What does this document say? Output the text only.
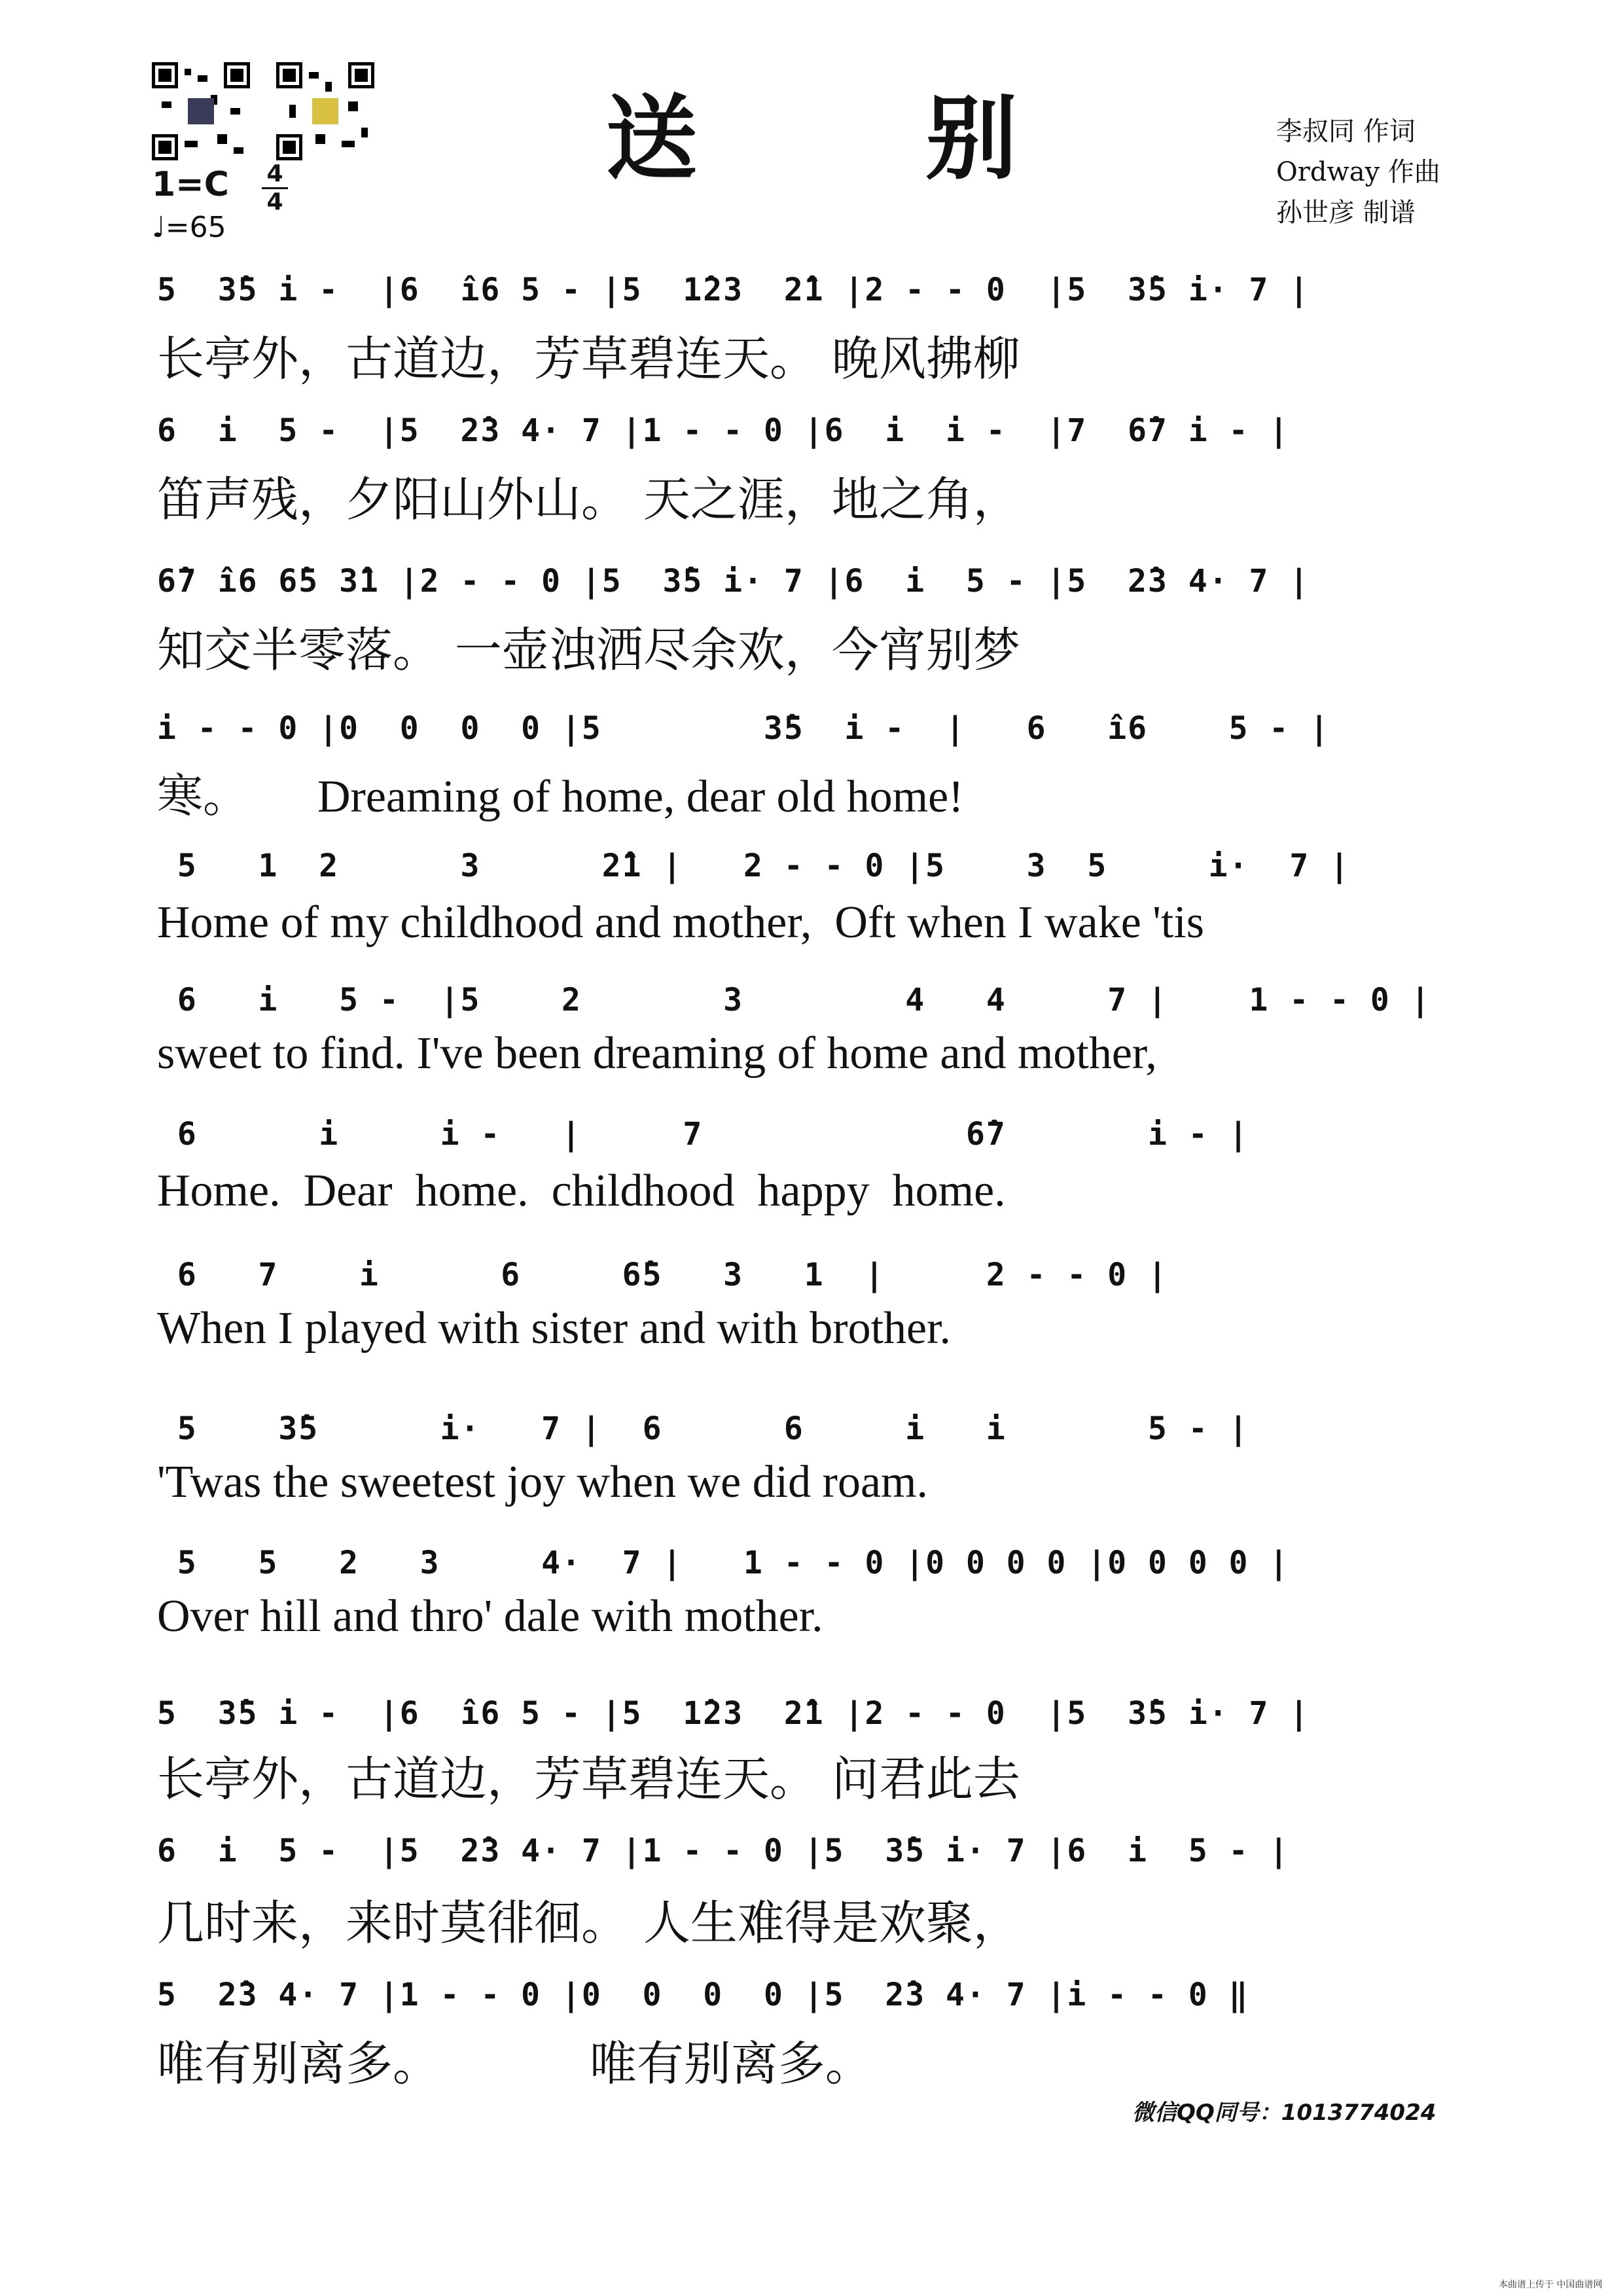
送 别	李叔同 作词
Ordway 作曲
孙世彦 制谱
1=C 4
4
♩=65
5  3̂5 i -  |6  î6 5 - |5  1̂23  2̂1 |2 - - 0  |5  3̂5 i· 7 |
长亭外，古道边，芳草碧连天。 晚风拂柳
6  i  5 -  |5  2̂3 4· 7 |1 - - 0 |6  i  i -  |7  6̂7 i - |
笛声残，夕阳山外山。 天之涯，地之角，
6̂7 î6 6̂5 3̂1 |2 - - 0 |5  3̂5 i· 7 |6  i  5 - |5  2̂3 4· 7 |
知交半零落。 一壶浊洒尽余欢，今宵别梦
i - - 0 |0  0  0  0 |5        3̂5  i -  |   6   î6    5 - |
寒。      Dreaming of home, dear old home!
5   1  2      3      2̂1 |   2 - - 0 |5    3  5     i·  7 |
Home of my childhood and mother,  Oft when I wake 'tis
6   i   5 -  |5    2       3        4   4     7 |    1 - - 0 |
sweet to find. I've been dreaming of home and mother,
6      i     i -   |     7             6̂7       i - |
Home.  Dear  home.  childhood  happy  home.
6   7    i      6     6̂5   3   1  |     2 - - 0 |
When I played with sister and with brother.
5    3̂5      i·   7 |  6      6     i   i       5 - |
'Twas the sweetest joy when we did roam.
5   5   2   3     4·  7 |   1 - - 0 |0 0 0 0 |0 0 0 0 |
Over hill and thro' dale with mother.
5  3̂5 i -  |6  î6 5 - |5  1̂23  2̂1 |2 - - 0  |5  3̂5 i· 7 |
长亭外，古道边，芳草碧连天。 问君此去
6  i  5 -  |5  2̂3 4· 7 |1 - - 0 |5  3̂5 i· 7 |6  i  5 - |
几时来，来时莫徘徊。 人生难得是欢聚，
5  2̂3 4· 7 |1 - - 0 |0  0  0  0 |5  2̂3 4· 7 |i - - 0 ‖
唯有别离多。          唯有别离多。
微信QQ同号：1013774024
本曲谱上传于 中国曲谱网
